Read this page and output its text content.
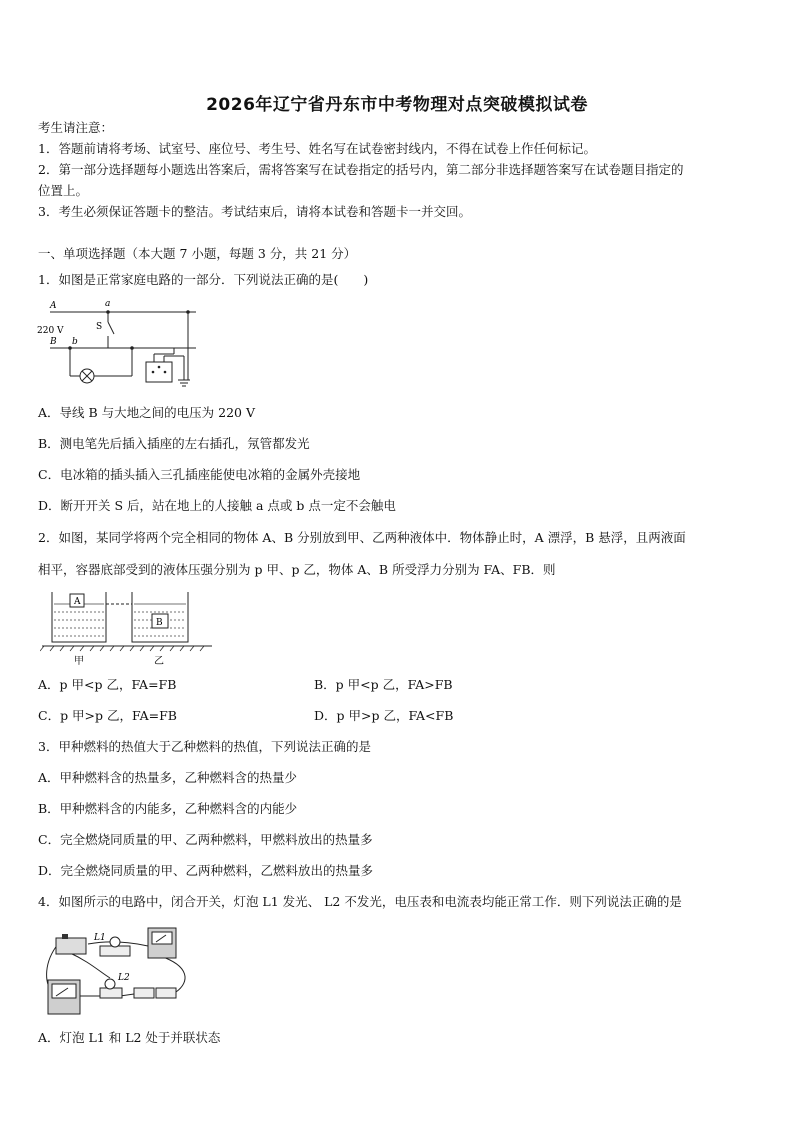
2026年辽宁省丹东市中考物理对点突破模拟试卷
考生请注意：
1．答题前请将考场、试室号、座位号、考生号、姓名写在试卷密封线内，不得在试卷上作任何标记。
2．第一部分选择题每小题选出答案后，需将答案写在试卷指定的括号内，第二部分非选择题答案写在试卷题目指定的
位置上。
3．考生必须保证答题卡的整洁。考试结束后，请将本试卷和答题卡一并交回。
一、单项选择题（本大题 7 小题，每题 3 分，共 21 分）
1．如图是正常家庭电路的一部分．下列说法正确的是(　　)
A
B
220 V
a
b
S
A．导线 B 与大地之间的电压为 220 V
B．测电笔先后插入插座的左右插孔，氖管都发光
C．电冰箱的插头插入三孔插座能使电冰箱的金属外壳接地
D．断开开关 S 后，站在地上的人接触 a 点或 b 点一定不会触电
2．如图，某同学将两个完全相同的物体 A、B 分别放到甲、乙两种液体中．物体静止时，A 漂浮，B 悬浮，且两液面
相平，容器底部受到的液体压强分别为 p 甲、p 乙，物体 A、B 所受浮力分别为 FA、FB．则
A
B
甲	乙
A．p 甲<p 乙，FA=FB	B．p 甲<p 乙，FA>FB
C．p 甲>p 乙，FA=FB	D．p 甲>p 乙，FA<FB
3．甲种燃料的热值大于乙种燃料的热值，下列说法正确的是
A．甲种燃料含的热量多，乙种燃料含的热量少
B．甲种燃料含的内能多，乙种燃料含的内能少
C．完全燃烧同质量的甲、乙两种燃料，甲燃料放出的热量多
D．完全燃烧同质量的甲、乙两种燃料，乙燃料放出的热量多
4．如图所示的电路中，闭合开关，灯泡 L1 发光、 L2 不发光，电压表和电流表均能正常工作．则下列说法正确的是
L1
L2
A．灯泡 L1 和 L2 处于并联状态
